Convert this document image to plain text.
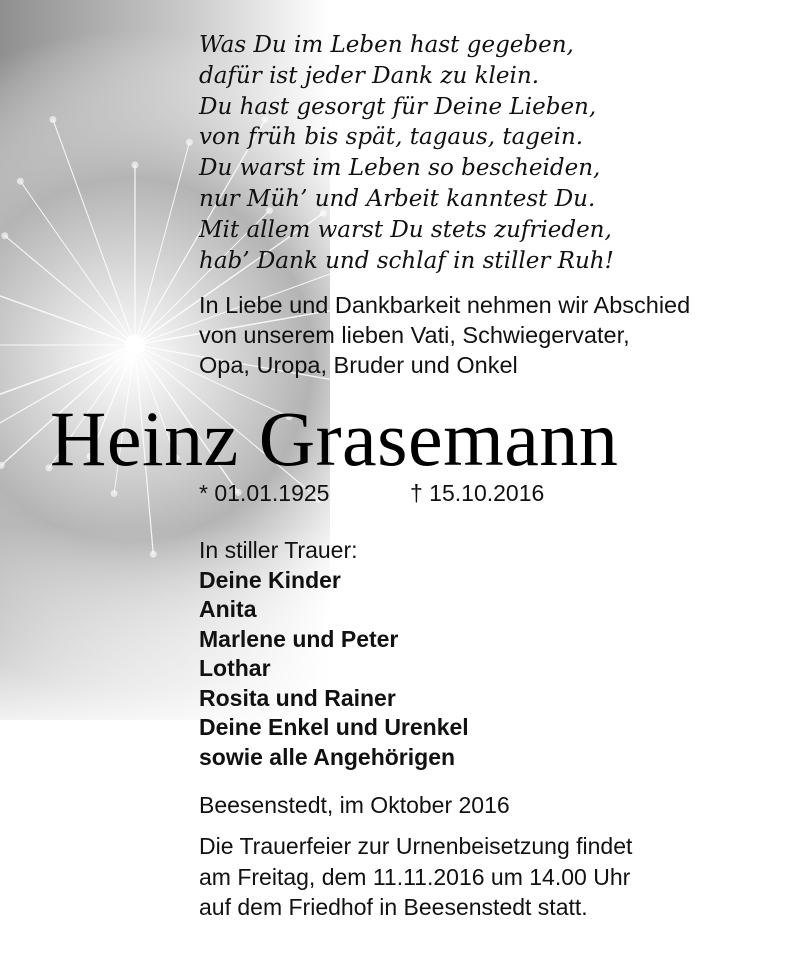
Was Du im Leben hast gegeben,
dafür ist jeder Dank zu klein.
Du hast gesorgt für Deine Lieben,
von früh bis spät, tagaus, tagein.
Du warst im Leben so bescheiden,
nur Müh’ und Arbeit kanntest Du.
Mit allem warst Du stets zufrieden,
hab’ Dank und schlaf in stiller Ruh!
In Liebe und Dankbarkeit nehmen wir Abschied
von unserem lieben Vati, Schwiegervater,
Opa, Uropa, Bruder und Onkel
Heinz Grasemann
* 01.01.1925	† 15.10.2016
In stiller Trauer:
Deine Kinder
Anita
Marlene und Peter
Lothar
Rosita und Rainer
Deine Enkel und Urenkel
sowie alle Angehörigen
Beesenstedt, im Oktober 2016
Die Trauerfeier zur Urnenbeisetzung findet
am Freitag, dem 11.11.2016 um 14.00 Uhr
auf dem Friedhof in Beesenstedt statt.
